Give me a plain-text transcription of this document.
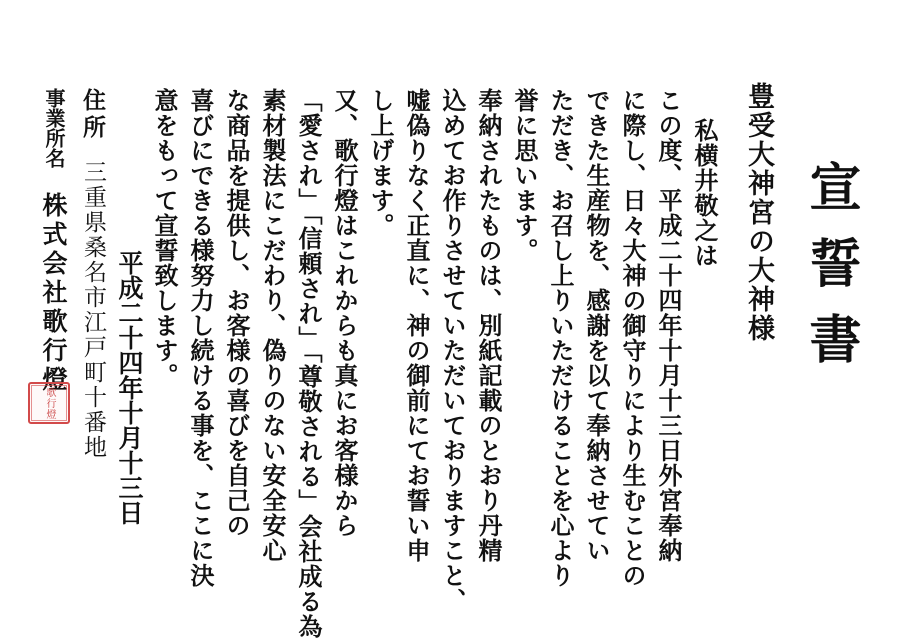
宣誓書
豊受大神宮の大神様
私横井敬之は
この度、平成二十四年十月十三日外宮奉納
に際し、日々大神の御守りにより生むことの
できた生産物を、感謝を以て奉納させてい
ただき、お召し上りいただけることを心より
誉に思います。
奉納されたものは、別紙記載のとおり丹精
込めてお作りさせていただいておりますこと、
嘘偽りなく正直に、神の御前にてお誓い申
し上げます。
又、歌行燈はこれからも真にお客様から
「愛され」「信頼され」「尊敬される」会社成る為
素材製法にこだわり、偽りのない安全安心
な商品を提供し、お客様の喜びを自己の
喜びにできる様努力し続ける事を、ここに決
意をもって宣誓致します。
平成二十四年十月十三日
住所
三重県桑名市江戸町十番地
事業所名
株式会社歌行燈
歌行燈
